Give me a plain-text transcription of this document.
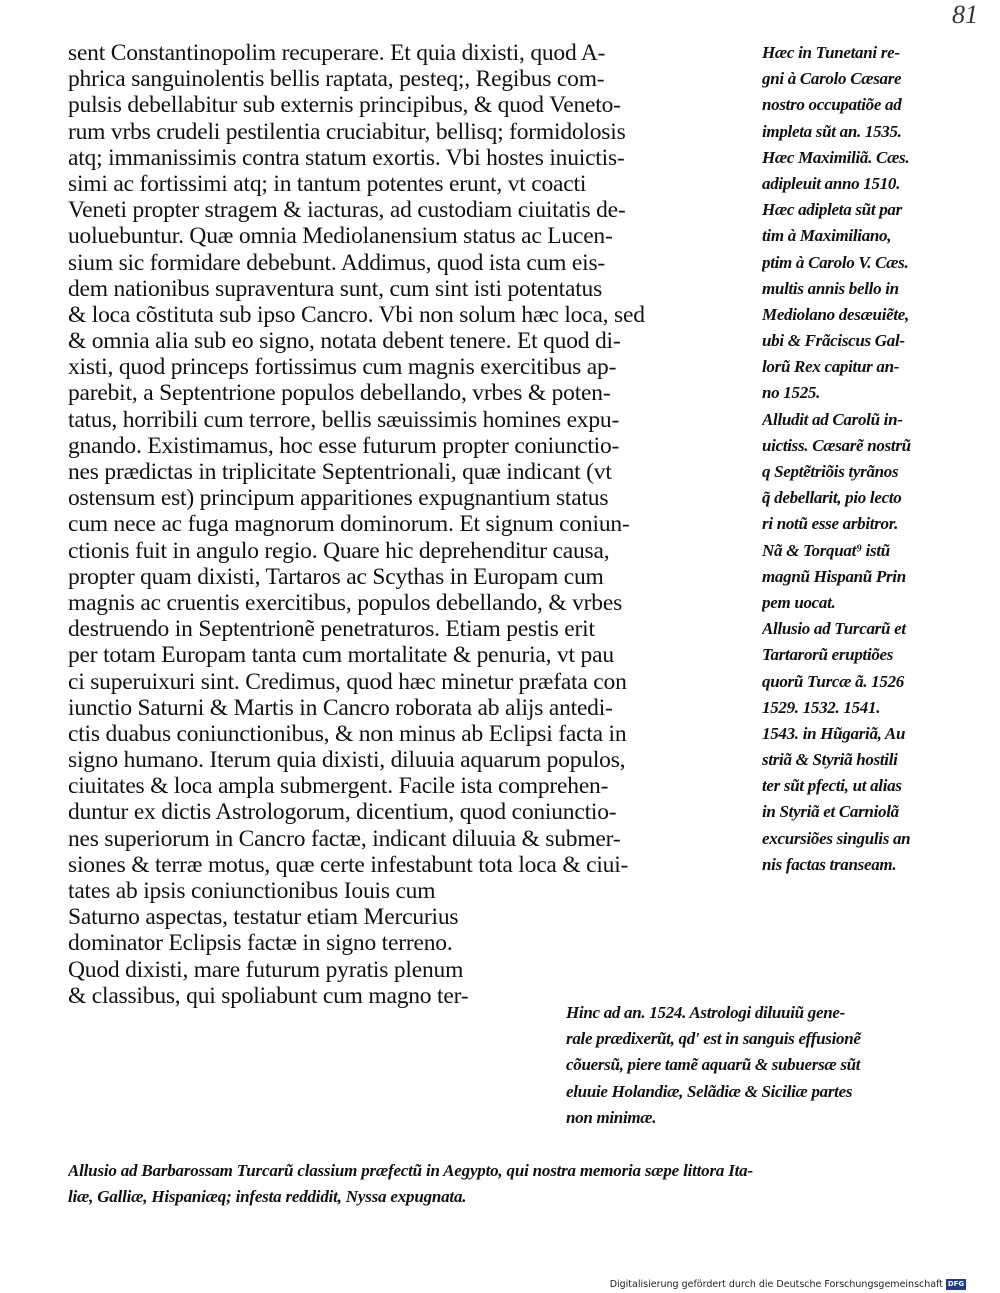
81
sent Constantinopolim recuperare. Et quia dixisti, quod A-
phrica sanguinolentis bellis raptata, pesteq;, Regibus com-
pulsis debellabitur sub externis principibus, & quod Veneto-
rum vrbs crudeli pestilentia cruciabitur, bellisq; formidolosis
atq; immanissimis contra statum exortis. Vbi hostes inuictis-
simi ac fortissimi atq; in tantum potentes erunt, vt coacti
Veneti propter stragem & iacturas, ad custodiam ciuitatis de-
uoluebuntur. Quæ omnia Mediolanensium status ac Lucen-
sium sic formidare debebunt. Addimus, quod ista cum eis-
dem nationibus supraventura sunt, cum sint isti potentatus
& loca cõstituta sub ipso Cancro. Vbi non solum hæc loca, sed
& omnia alia sub eo signo, notata debent tenere. Et quod di-
xisti, quod princeps fortissimus cum magnis exercitibus ap-
parebit, a Septentrione populos debellando, vrbes & poten-
tatus, horribili cum terrore, bellis sæuissimis homines expu-
gnando. Existimamus, hoc esse futurum propter coniunctio-
nes prædictas in triplicitate Septentrionali, quæ indicant (vt
ostensum est) principum apparitiones expugnantium status
cum nece ac fuga magnorum dominorum. Et signum coniun-
ctionis fuit in angulo regio. Quare hic deprehenditur causa,
propter quam dixisti, Tartaros ac Scythas in Europam cum
magnis ac cruentis exercitibus, populos debellando, & vrbes
destruendo in Septentrionẽ penetraturos. Etiam pestis erit
per totam Europam tanta cum mortalitate & penuria, vt pau
ci superuixuri sint. Credimus, quod hæc minetur præfata con
iunctio Saturni & Martis in Cancro roborata ab alijs antedi-
ctis duabus coniunctionibus, & non minus ab Eclipsi facta in
signo humano. Iterum quia dixisti, diluuia aquarum populos,
ciuitates & loca ampla submergent. Facile ista comprehen-
duntur ex dictis Astrologorum, dicentium, quod coniunctio-
nes superiorum in Cancro factæ, indicant diluuia & submer-
siones & terræ motus, quæ certe infestabunt tota loca & ciui-
tates ab ipsis coniunctionibus Iouis cum
Saturno aspectas, testatur etiam Mercurius
dominator Eclipsis factæ in signo terreno.
Quod dixisti, mare futurum pyratis plenum
& classibus, qui spoliabunt cum magno ter-
Hæc in Tunetani re-
gni à Carolo Cæsare
nostro occupatiõe ad
impleta sũt an. 1535.
Hæc Maximiliã. Cæs.
adipleuit anno 1510.
Hæc adipleta sũt par
tim à Maximiliano,
ptim à Carolo V. Cæs.
multis annis bello in
Mediolano desæuiẽte,
ubi & Frãciscus Gal-
lorũ Rex capitur an-
no 1525.
Alludit ad Carolũ in-
uictiss. Cæsarẽ nostrũ
q Septẽtriõis tyrãnos
q̃ debellarit, pio lecto
ri notũ esse arbitror.
Nã & Torquat⁹ istũ
magnũ Hispanũ Prin
pem uocat.
Allusio ad Turcarũ et
Tartarorũ eruptiões
quorũ Turcæ ã. 1526
1529. 1532. 1541.
1543. in Hũgariã, Au
striã & Styriã hostili
ter sũt pfecti, ut alias
in Styriã et Carniolã
excursiões singulis an
nis factas transeam.
Hinc ad an. 1524. Astrologi diluuiũ gene-
rale prædixerũt, qd' est in sanguis effusionẽ
cõuersũ, piere tamẽ aquarũ & subuersæ sũt
eluuie Holandiæ, Selãdiæ & Siciliæ partes
non minimæ.
Allusio ad Barbarossam Turcarũ classium præfectũ in Aegypto, qui nostra memoria sæpe littora Ita-
liæ, Galliæ, Hispaniæq; infesta reddidit, Nyssa expugnata.
Digitalisierung gefördert durch die Deutsche Forschungsgemeinschaft DFG
